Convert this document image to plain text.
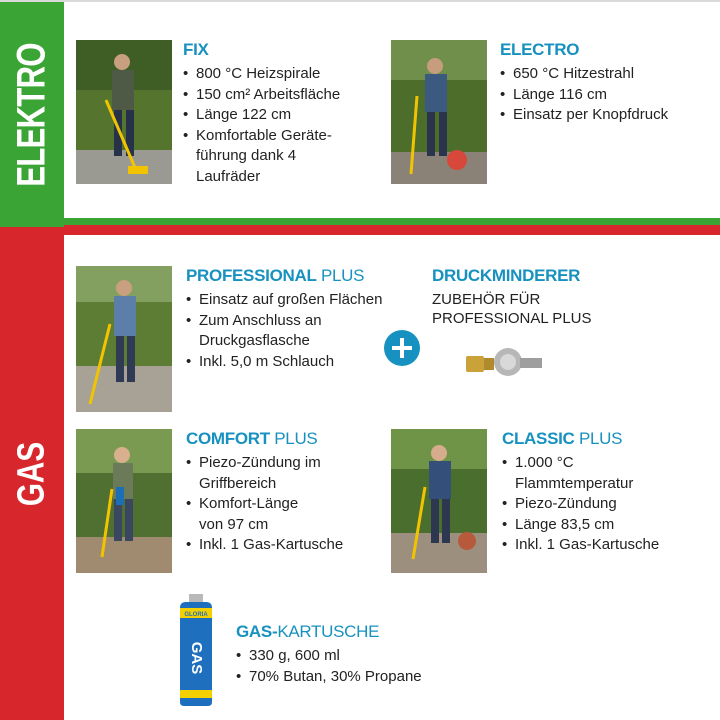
ELEKTRO
GAS
FIX
• 800 °C Heizspirale
• 150 cm² Arbeitsfläche
• Länge 122 cm
• Komfortable Geräte-
führung dank 4
Laufräder
ELECTRO
• 650 °C Hitzestrahl
• Länge 116 cm
• Einsatz per Knopfdruck
PROFESSIONAL PLUS
• Einsatz auf großen Flächen
• Zum Anschluss an
Druckgasflasche
• Inkl. 5,0 m Schlauch
DRUCKMINDERER
ZUBEHÖR FÜR
PROFESSIONAL PLUS
COMFORT PLUS
• Piezo-Zündung im
Griffbereich
• Komfort-Länge
von 97 cm
• Inkl. 1 Gas-Kartusche
CLASSIC PLUS
• 1.000 °C
Flammtemperatur
• Piezo-Zündung
• Länge 83,5 cm
• Inkl. 1 Gas-Kartusche
GLORIA
GAS
GAS-KARTUSCHE
• 330 g, 600 ml
• 70% Butan, 30% Propane
